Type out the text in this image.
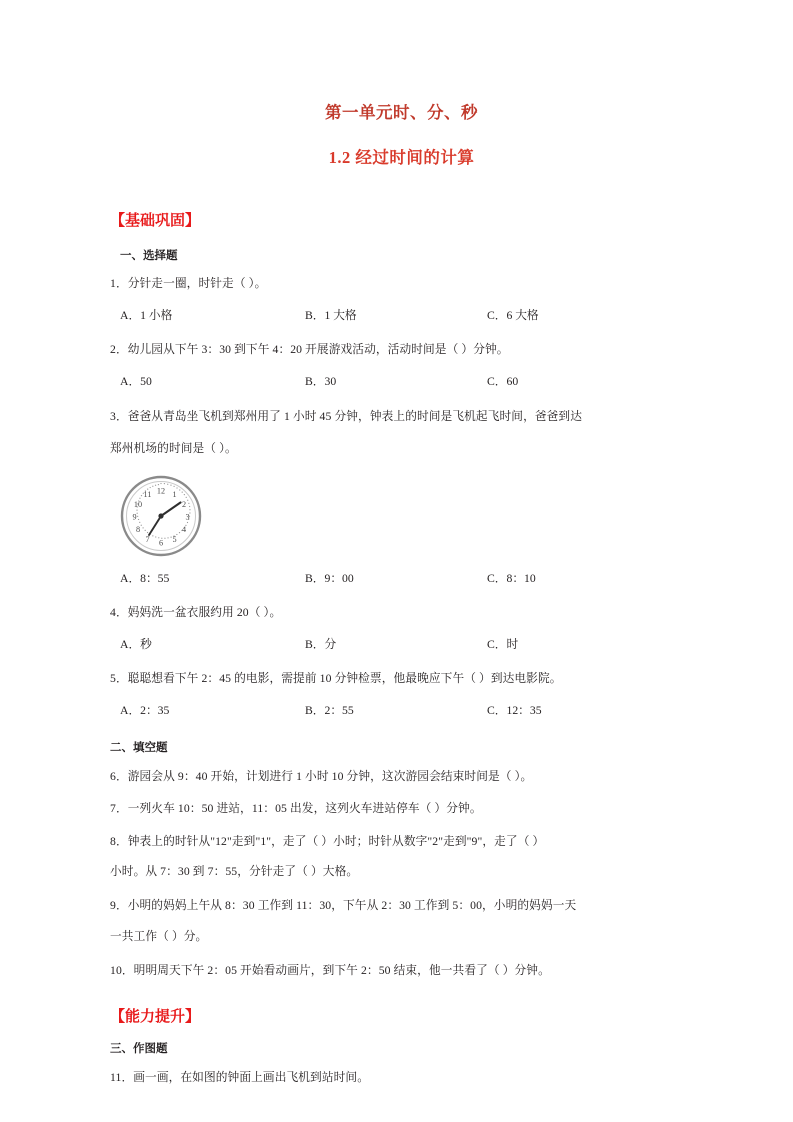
第一单元时、分、秒
1.2 经过时间的计算
【基础巩固】
一、选择题
1．分针走一圈，时针走（ ）。
A．1 小格	B．1 大格	C．6 大格
2．幼儿园从下午 3：30 到下午 4：20 开展游戏活动，活动时间是（ ）分钟。
A．50	B．30	C．60
3．爸爸从青岛坐飞机到郑州用了 1 小时 45 分钟，钟表上的时间是飞机起飞时间，爸爸到达
郑州机场的时间是（ ）。
12 1
2
3
4
5
6
7
8
9
10
11
A．8：55	B．9：00	C．8：10
4．妈妈洗一盆衣服约用 20（ ）。
A．秒	B．分	C．时
5．聪聪想看下午 2：45 的电影，需提前 10 分钟检票，他最晚应下午（ ）到达电影院。
A．2：35	B．2：55	C．12：35
二、填空题
6．游园会从 9：40 开始，计划进行 1 小时 10 分钟，这次游园会结束时间是（ ）。
7．一列火车 10：50 进站，11：05 出发，这列火车进站停车（ ）分钟。
8．钟表上的时针从"12"走到"1"，走了（ ）小时；时针从数字"2"走到"9"，走了（ ）
小时。从 7：30 到 7：55，分针走了（ ）大格。
9．小明的妈妈上午从 8：30 工作到 11：30，下午从 2：30 工作到 5：00，小明的妈妈一天
一共工作（ ）分。
10．明明周天下午 2：05 开始看动画片，到下午 2：50 结束，他一共看了（ ）分钟。
【能力提升】
三、作图题
11．画一画，在如图的钟面上画出飞机到站时间。
